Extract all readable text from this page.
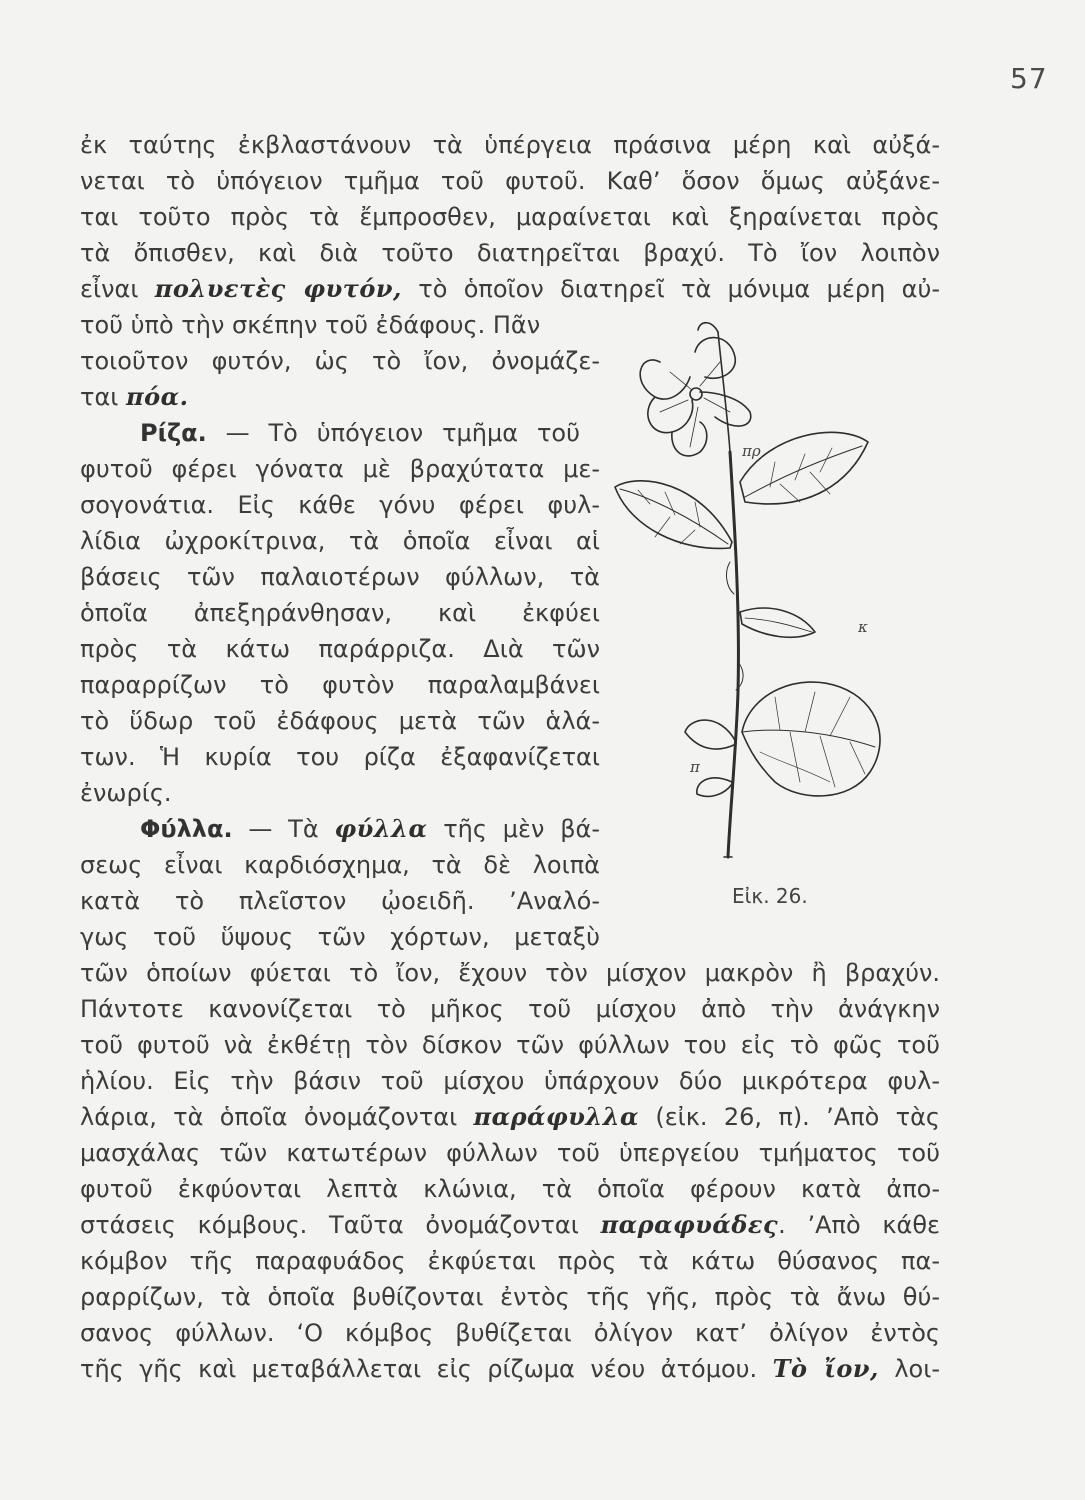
57

ἐκ ταύτης ἐκβλαστάνουν τὰ ὑπέργεια πράσινα μέρη καὶ αὐξά-

νεται τὸ ὑπόγειον τμῆμα τοῦ φυτοῦ. Καθ’ ὅσον ὅμως αὐξάνε-

ται τοῦτο πρὸς τὰ ἔμπροσθεν, μαραίνεται καὶ ξηραίνεται πρὸς

τὰ ὄπισθεν, καὶ διὰ τοῦτο διατηρεῖται βραχύ. Τὸ ἴον λοιπὸν

εἶναι πολυετὲς φυτόν, τὸ ὁποῖον διατηρεῖ τὰ μόνιμα μέρη αὐ-

τοῦ ὑπὸ τὴν σκέπην τοῦ ἐδάφους. Πᾶν

τοιοῦτον φυτόν, ὡς τὸ ἴον, ὀνομάζε-

ται πόα.

Ρίζα. — Τὸ ὑπόγειον τμῆμα τοῦ

φυτοῦ φέρει γόνατα μὲ βραχύτατα με-

σογονάτια. Εἰς κάθε γόνυ φέρει φυλ-

λίδια ὠχροκίτρινα, τὰ ὁποῖα εἶναι αἱ

βάσεις τῶν παλαιοτέρων φύλλων, τὰ

ὁποῖα ἀπεξηράνθησαν, καὶ ἐκφύει

πρὸς τὰ κάτω παράρριζα. Διὰ τῶν

παραρρίζων τὸ φυτὸν παραλαμβάνει

τὸ ὕδωρ τοῦ ἐδάφους μετὰ τῶν ἁλά-

των. Ἡ κυρία του ρίζα ἐξαφανίζεται

ἐνωρίς.

Φύλλα. — Τὰ φύλλα τῆς μὲν βά-

σεως εἶναι καρδιόσχημα, τὰ δὲ λοιπὰ

κατὰ τὸ πλεῖστον ᾠοειδῆ. ’Αναλό-

γως τοῦ ὕψους τῶν χόρτων, μεταξὺ

τῶν ὁποίων φύεται τὸ ἴον, ἔχουν τὸν μίσχον μακρὸν ἢ βραχύν.

Πάντοτε κανονίζεται τὸ μῆκος τοῦ μίσχου ἀπὸ τὴν ἀνάγκην

τοῦ φυτοῦ νὰ ἐκθέτῃ τὸν δίσκον τῶν φύλλων του εἰς τὸ φῶς τοῦ

ἡλίου. Εἰς τὴν βάσιν τοῦ μίσχου ὑπάρχουν δύο μικρότερα φυλ-

λάρια, τὰ ὁποῖα ὀνομάζονται παράφυλλα (εἰκ. 26, π). ’Απὸ τὰς

μασχάλας τῶν κατωτέρων φύλλων τοῦ ὑπεργείου τμήματος τοῦ

φυτοῦ ἐκφύονται λεπτὰ κλώνια, τὰ ὁποῖα φέρουν κατὰ ἀπο-

στάσεις κόμβους. Ταῦτα ὀνομάζονται παραφυάδες. ’Απὸ κάθε

κόμβον τῆς παραφυάδος ἐκφύεται πρὸς τὰ κάτω θύσανος πα-

ραρρίζων, τὰ ὁποῖα βυθίζονται ἐντὸς τῆς γῆς, πρὸς τὰ ἄνω θύ-

σανος φύλλων. ‘Ο κόμβος βυθίζεται ὀλίγον κατ’ ὀλίγον ἐντὸς

τῆς γῆς καὶ μεταβάλλεται εἰς ρίζωμα νέου ἀτόμου. Τὸ ἴον, λοι-

πρ
κ
π
Εἰκ. 26.
